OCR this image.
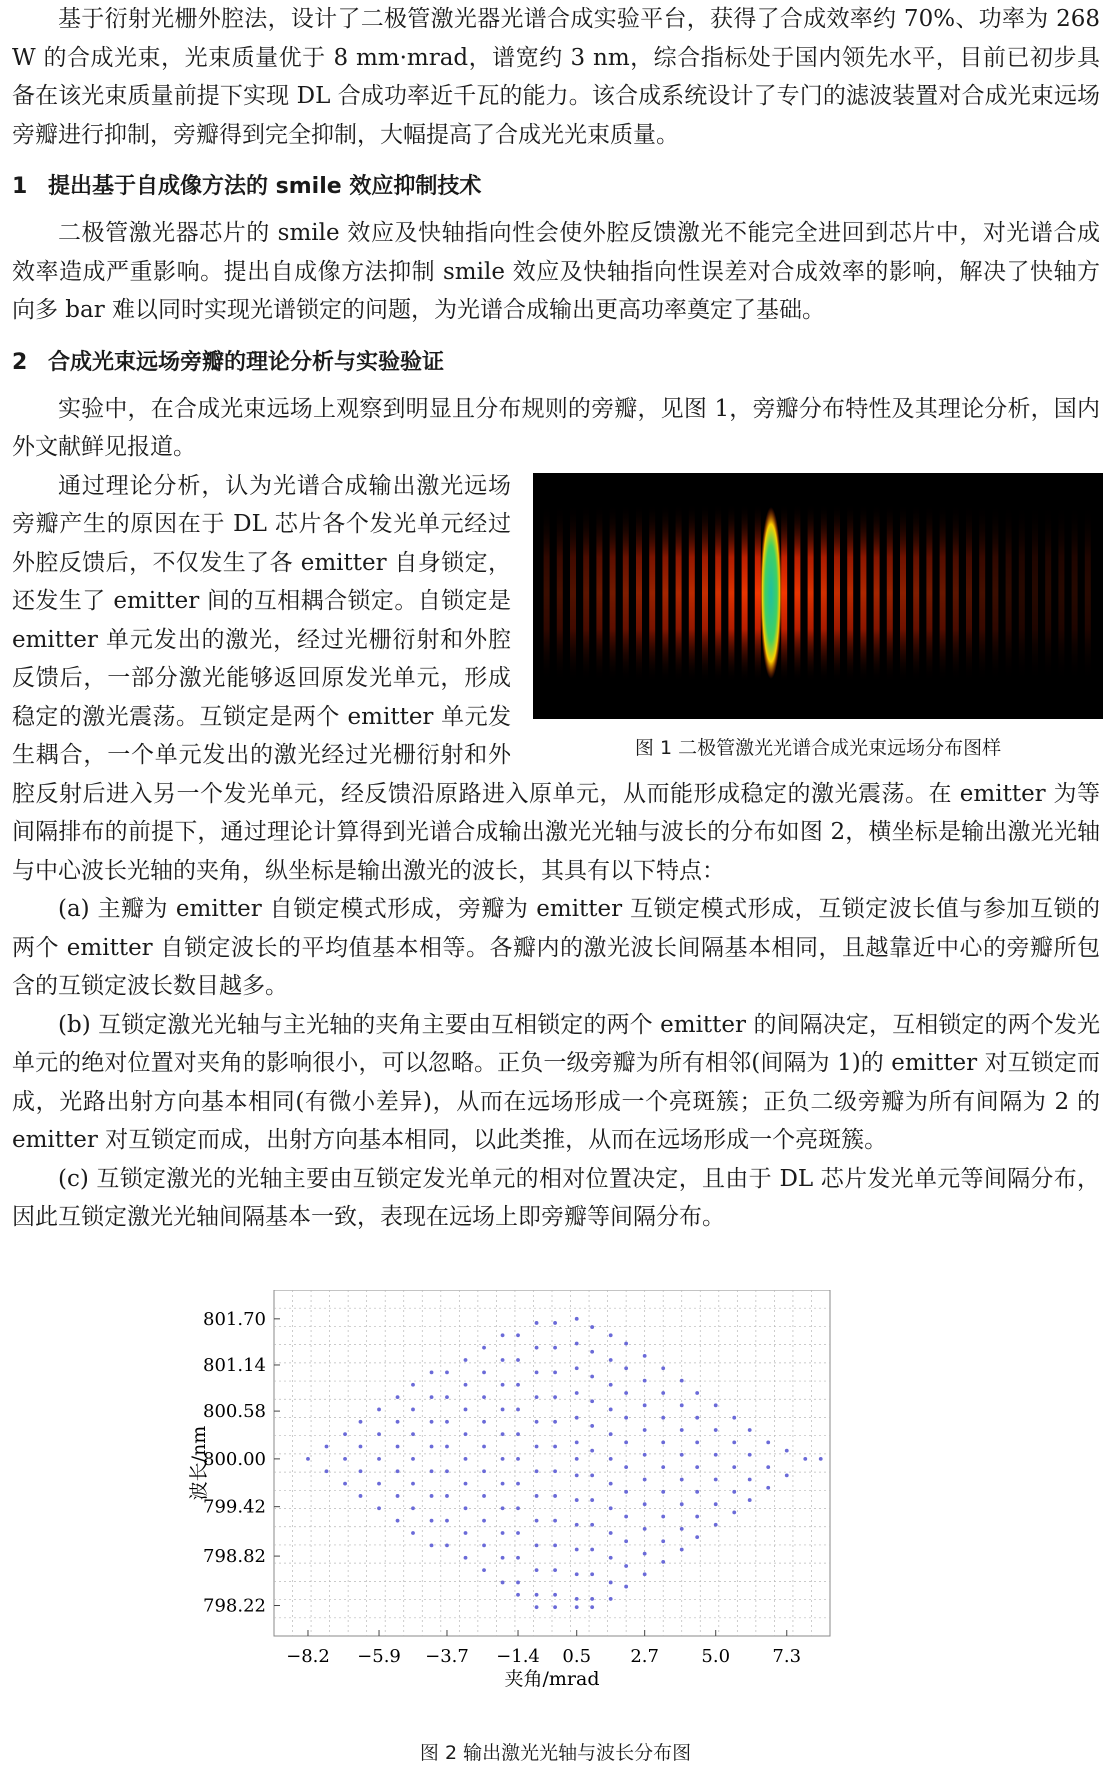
基于衍射光栅外腔法，设计了二极管激光器光谱合成实验平台，获得了合成效率约 70%、功率为 268 W 的合成光束，光束质量优于 8 mm·mrad，谱宽约 3 nm，综合指标处于国内领先水平，目前已初步具备在该光束质量前提下实现 DL 合成功率近千瓦的能力。该合成系统设计了专门的滤波装置对合成光束远场旁瓣进行抑制，旁瓣得到完全抑制，大幅提高了合成光光束质量。

1 提出基于自成像方法的 smile 效应抑制技术

二极管激光器芯片的 smile 效应及快轴指向性会使外腔反馈激光不能完全进回到芯片中，对光谱合成效率造成严重影响。提出自成像方法抑制 smile 效应及快轴指向性误差对合成效率的影响，解决了快轴方向多 bar 难以同时实现光谱锁定的问题，为光谱合成输出更高功率奠定了基础。

2 合成光束远场旁瓣的理论分析与实验验证

实验中，在合成光束远场上观察到明显且分布规则的旁瓣，见图 1，旁瓣分布特性及其理论分析，国内外文献鲜见报道。

图 1 二极管激光光谱合成光束远场分布图样

通过理论分析，认为光谱合成输出激光远场旁瓣产生的原因在于 DL 芯片各个发光单元经过外腔反馈后，不仅发生了各 emitter 自身锁定，还发生了 emitter 间的互相耦合锁定。自锁定是 emitter 单元发出的激光，经过光栅衍射和外腔反馈后，一部分激光能够返回原发光单元，形成稳定的激光震荡。互锁定是两个 emitter 单元发生耦合，一个单元发出的激光经过光栅衍射和外腔反射后进入另一个发光单元，经反馈沿原路进入原单元，从而能形成稳定的激光震荡。在 emitter 为等间隔排布的前提下，通过理论计算得到光谱合成输出激光光轴与波长的分布如图 2，横坐标是输出激光光轴与中心波长光轴的夹角，纵坐标是输出激光的波长，其具有以下特点：

(a) 主瓣为 emitter 自锁定模式形成，旁瓣为 emitter 互锁定模式形成，互锁定波长值与参加互锁的两个 emitter 自锁定波长的平均值基本相等。各瓣内的激光波长间隔基本相同，且越靠近中心的旁瓣所包含的互锁定波长数目越多。

(b) 互锁定激光光轴与主光轴的夹角主要由互相锁定的两个 emitter 的间隔决定，互相锁定的两个发光单元的绝对位置对夹角的影响很小，可以忽略。正负一级旁瓣为所有相邻(间隔为 1)的 emitter 对互锁定而成，光路出射方向基本相同(有微小差异)，从而在远场形成一个亮斑簇；正负二级旁瓣为所有间隔为 2 的 emitter 对互锁定而成，出射方向基本相同，以此类推，从而在远场形成一个亮斑簇。

(c) 互锁定激光的光轴主要由互锁定发光单元的相对位置决定，且由于 DL 芯片发光单元等间隔分布，因此互锁定激光光轴间隔基本一致，表现在远场上即旁瓣等间隔分布。

−8.2 −5.9 −3.7 −1.4 0.5 2.7 5.0 7.3
801.70
801.14
800.58
800.00
799.42
798.82
798.22
夹角/mrad
波长/nm
图 2 输出激光光轴与波长分布图
